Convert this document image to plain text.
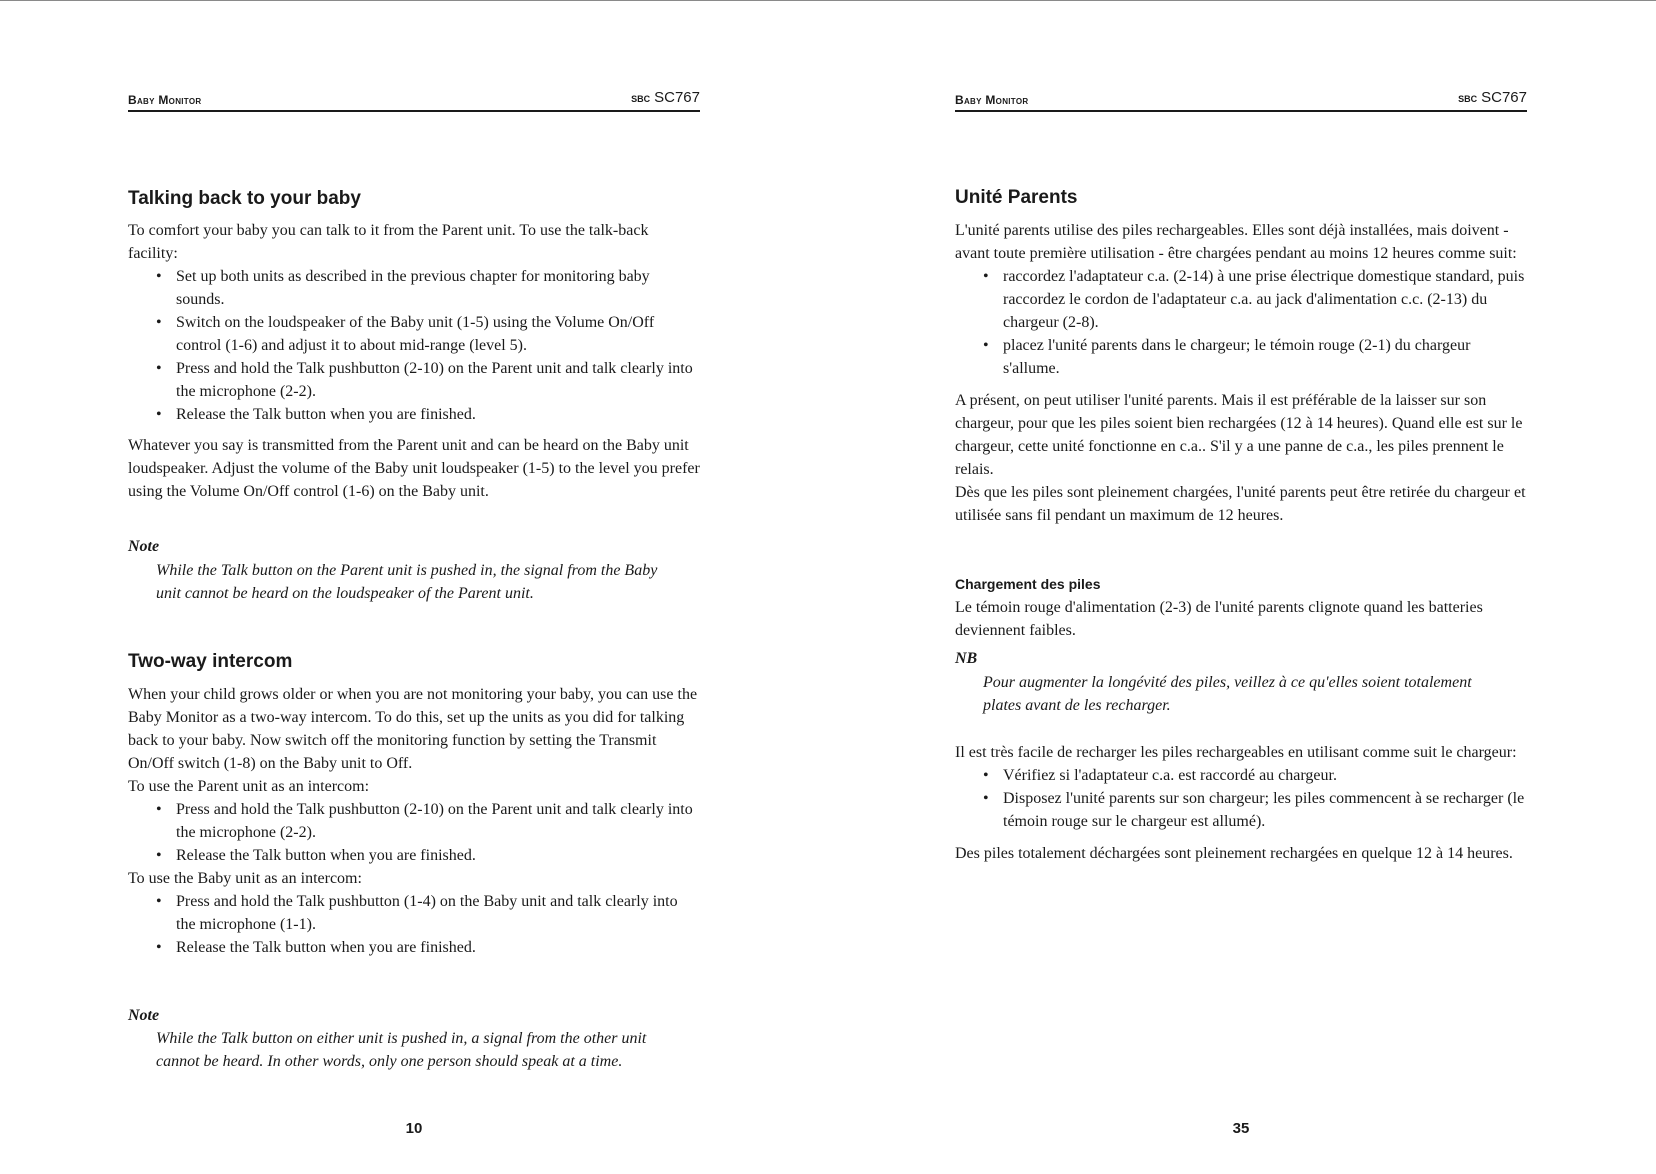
Baby Monitor	SBC SC767
Talking back to your baby

To comfort your baby you can talk to it from the Parent unit. To use the talk-back facility:

• Set up both units as described in the previous chapter for monitoring baby sounds.
• Switch on the loudspeaker of the Baby unit (1-5) using the Volume On/Off control (1-6) and adjust it to about mid-range (level 5).
• Press and hold the Talk pushbutton (2-10) on the Parent unit and talk clearly into the microphone (2-2).
• Release the Talk button when you are finished.

Whatever you say is transmitted from the Parent unit and can be heard on the Baby unit loudspeaker. Adjust the volume of the Baby unit loudspeaker (1-5) to the level you prefer using the Volume On/Off control (1-6) on the Baby unit.

Note

While the Talk button on the Parent unit is pushed in, the signal from the Baby unit cannot be heard on the loudspeaker of the Parent unit.

Two-way intercom

When your child grows older or when you are not monitoring your baby, you can use the Baby Monitor as a two-way intercom. To do this, set up the units as you did for talking back to your baby. Now switch off the monitoring function by setting the Transmit On/Off switch (1-8) on the Baby unit to Off.

To use the Parent unit as an intercom:

• Press and hold the Talk pushbutton (2-10) on the Parent unit and talk clearly into the microphone (2-2).
• Release the Talk button when you are finished.

To use the Baby unit as an intercom:

• Press and hold the Talk pushbutton (1-4) on the Baby unit and talk clearly into the microphone (1-1).
• Release the Talk button when you are finished.
Note

While the Talk button on either unit is pushed in, a signal from the other unit cannot be heard. In other words, only one person should speak at a time.

10
Baby Monitor	SBC SC767
Unité Parents

L'unité parents utilise des piles rechargeables. Elles sont déjà installées, mais doivent - avant toute première utilisation - être chargées pendant au moins 12 heures comme suit:

• raccordez l'adaptateur c.a. (2-14) à une prise électrique domestique standard, puis raccordez le cordon de l'adaptateur c.a. au jack d'alimentation c.c. (2-13) du chargeur (2-8).
• placez l'unité parents dans le chargeur; le témoin rouge (2-1) du chargeur s'allume.

A présent, on peut utiliser l'unité parents. Mais il est préférable de la laisser sur son chargeur, pour que les piles soient bien rechargées (12 à 14 heures). Quand elle est sur le chargeur, cette unité fonctionne en c.a.. S'il y a une panne de c.a., les piles prennent le relais.

Dès que les piles sont pleinement chargées, l'unité parents peut être retirée du chargeur et utilisée sans fil pendant un maximum de 12 heures.

Chargement des piles

Le témoin rouge d'alimentation (2-3) de l'unité parents clignote quand les batteries deviennent faibles.

NB

Pour augmenter la longévité des piles, veillez à ce qu'elles soient totalement plates avant de les recharger.

Il est très facile de recharger les piles rechargeables en utilisant comme suit le chargeur:

• Vérifiez si l'adaptateur c.a. est raccordé au chargeur.
• Disposez l'unité parents sur son chargeur; les piles commencent à se recharger (le témoin rouge sur le chargeur est allumé).

Des piles totalement déchargées sont pleinement rechargées en quelque 12 à 14 heures.

35
